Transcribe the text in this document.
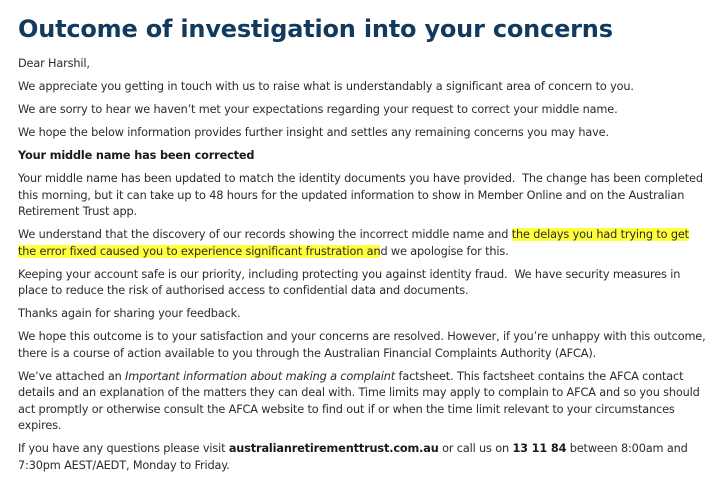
Outcome of investigation into your concerns

Dear Harshil,

We appreciate you getting in touch with us to raise what is understandably a significant area of concern to you.

We are sorry to hear we haven’t met your expectations regarding your request to correct your middle name.

We hope the below information provides further insight and settles any remaining concerns you may have.

Your middle name has been corrected

Your middle name has been updated to match the identity documents you have provided.  The change has been completed this morning, but it can take up to 48 hours for the updated information to show in Member Online and on the Australian Retirement Trust app.

We understand that the discovery of our records showing the incorrect middle name and the delays you had trying to get the error fixed caused you to experience significant frustration and we apologise for this.

Keeping your account safe is our priority, including protecting you against identity fraud.  We have security measures in place to reduce the risk of authorised access to confidential data and documents.

Thanks again for sharing your feedback.

We hope this outcome is to your satisfaction and your concerns are resolved. However, if you’re unhappy with this outcome, there is a course of action available to you through the Australian Financial Complaints Authority (AFCA).

We’ve attached an Important information about making a complaint factsheet. This factsheet contains the AFCA contact details and an explanation of the matters they can deal with. Time limits may apply to complain to AFCA and so you should act promptly or otherwise consult the AFCA website to find out if or when the time limit relevant to your circumstances expires.

If you have any questions please visit australianretirementtrust.com.au or call us on 13 11 84 between 8:00am and 7:30pm AEST/AEDT, Monday to Friday.
